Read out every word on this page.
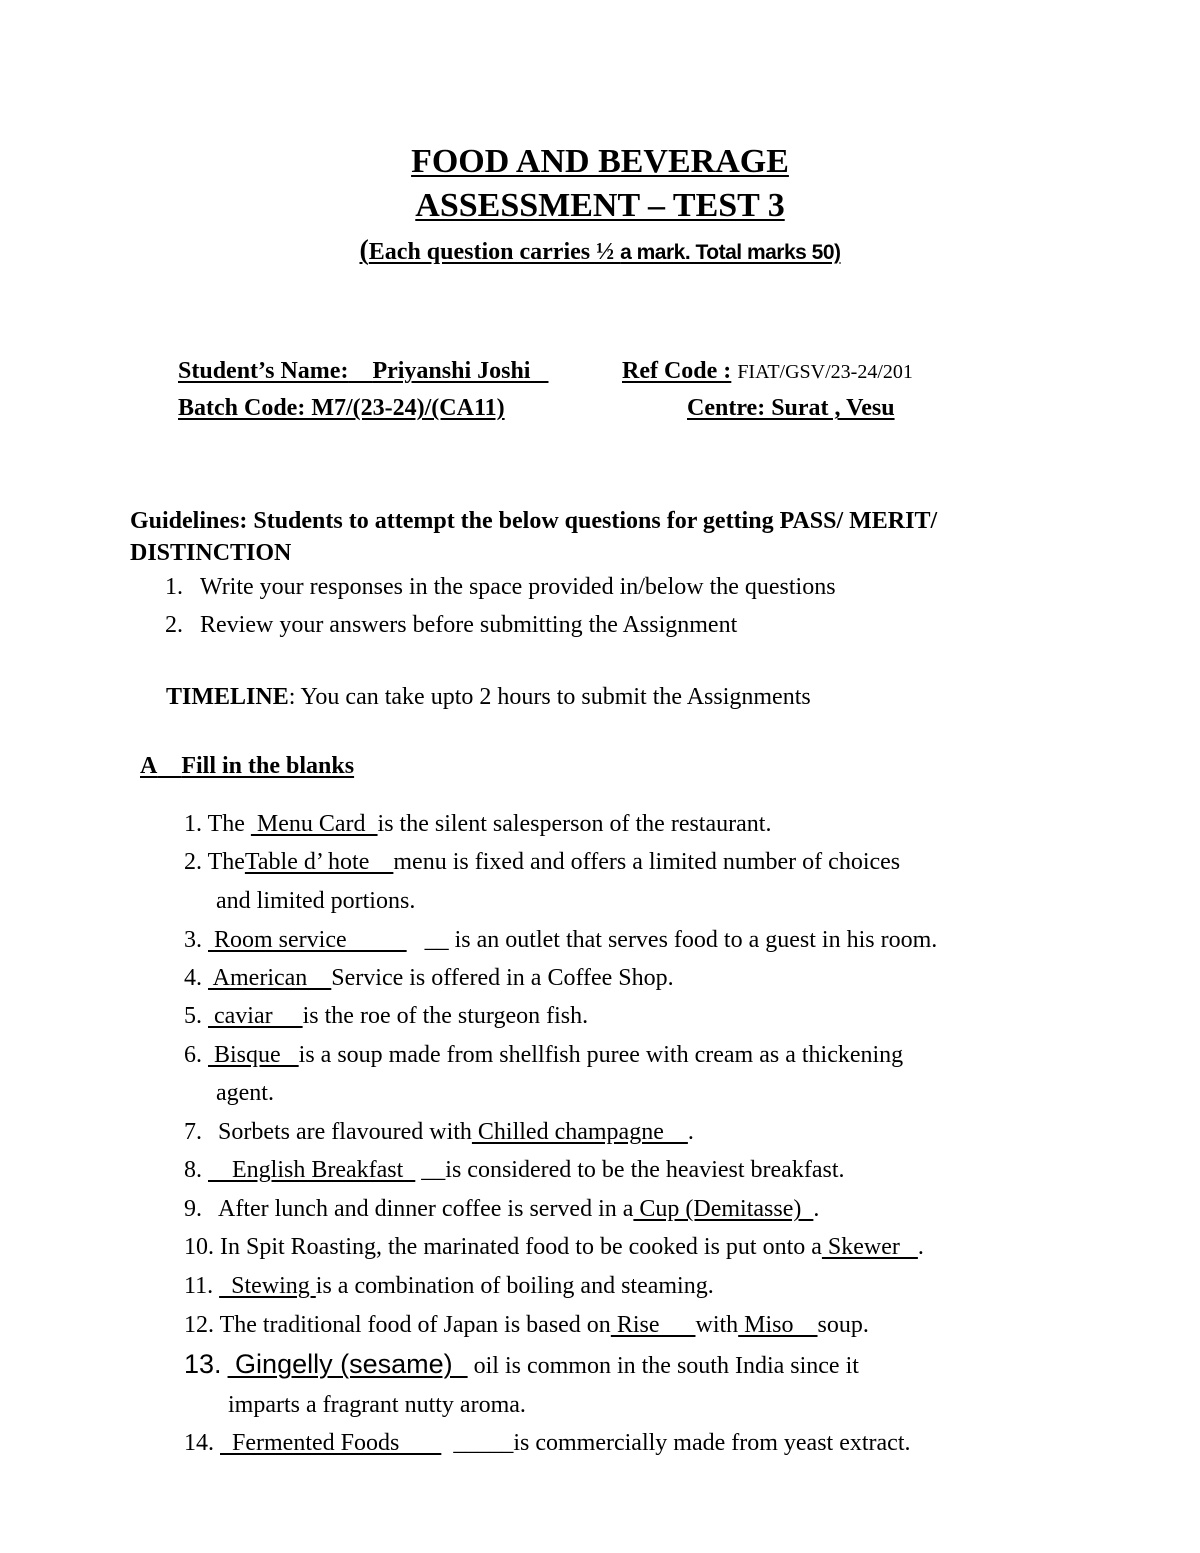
FOOD AND BEVERAGE
ASSESSMENT – TEST 3
(Each question carries ½ a mark. Total marks 50)
Student’s Name: Priyanshi Joshi	Ref Code : FIAT/GSV/23-24/201
Batch Code: M7/(23-24)/(CA11)	Centre: Surat , Vesu
Guidelines: Students to attempt the below questions for getting PASS/ MERIT/
DISTINCTION
1. Write your responses in the space provided in/below the questions
2. Review your answers before submitting the Assignment
TIMELINE: You can take upto 2 hours to submit the Assignments
A Fill in the blanks
1. The  Menu Card  is the silent salesperson of the restaurant.
2. TheTable d’ hote    menu is fixed and offers a limited number of choices
and limited portions.
3.  Room service             __ is an outlet that serves food to a guest in his room.
4.  American    Service is offered in a Coffee Shop.
5.  caviar     is the roe of the sturgeon fish.
6.  Bisque   is a soup made from shellfish puree with cream as a thickening
agent.
7. Sorbets are flavoured with Chilled champagne    .
8.     English Breakfast   __is considered to be the heaviest breakfast.
9. After lunch and dinner coffee is served in a Cup (Demitasse)  .
10. In Spit Roasting, the marinated food to be cooked is put onto a Skewer   .
11.   Stewing is a combination of boiling and steaming.
12. The traditional food of Japan is based on Rise      with Miso    soup.
13.  Gingelly (sesame)   oil is common in the south India since it
imparts a fragrant nutty aroma.
14.   Fermented Foods         _____is commercially made from yeast extract.
